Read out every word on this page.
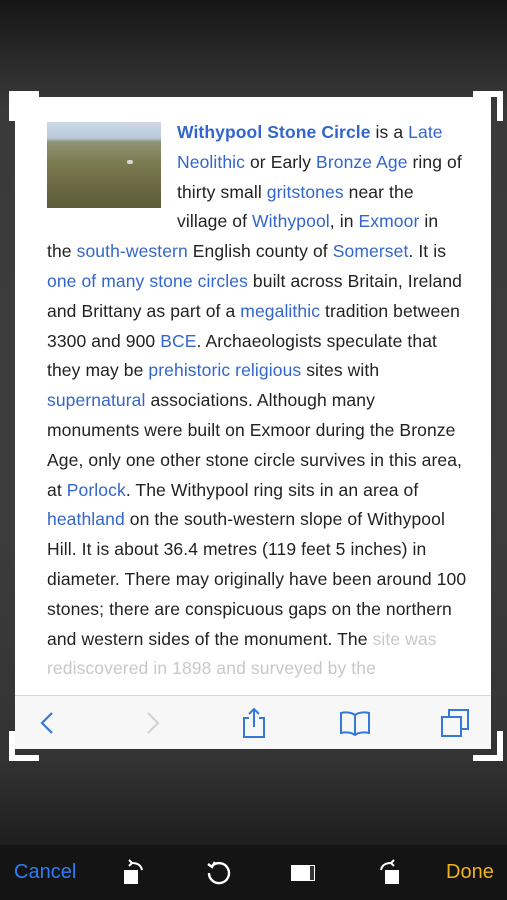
Withypool Stone Circle is a Late Neolithic or Early Bronze Age ring of thirty small gritstones near the village of Withypool, in Exmoor in the south-western English county of Somerset. It is one of many stone circles built across Britain, Ireland and Brittany as part of a megalithic tradition between 3300 and 900 BCE. Archaeologists speculate that they may be prehistoric religious sites with supernatural associations. Although many monuments were built on Exmoor during the Bronze Age, only one other stone circle survives in this area, at Porlock. The Withypool ring sits in an area of heathland on the south-western slope of Withypool Hill. It is about 36.4 metres (119 feet 5 inches) in diameter. There may originally have been around 100 stones; there are conspicuous gaps on the northern and western sides of the monument. The site was rediscovered in 1898 and surveyed by the
Cancel	Done
